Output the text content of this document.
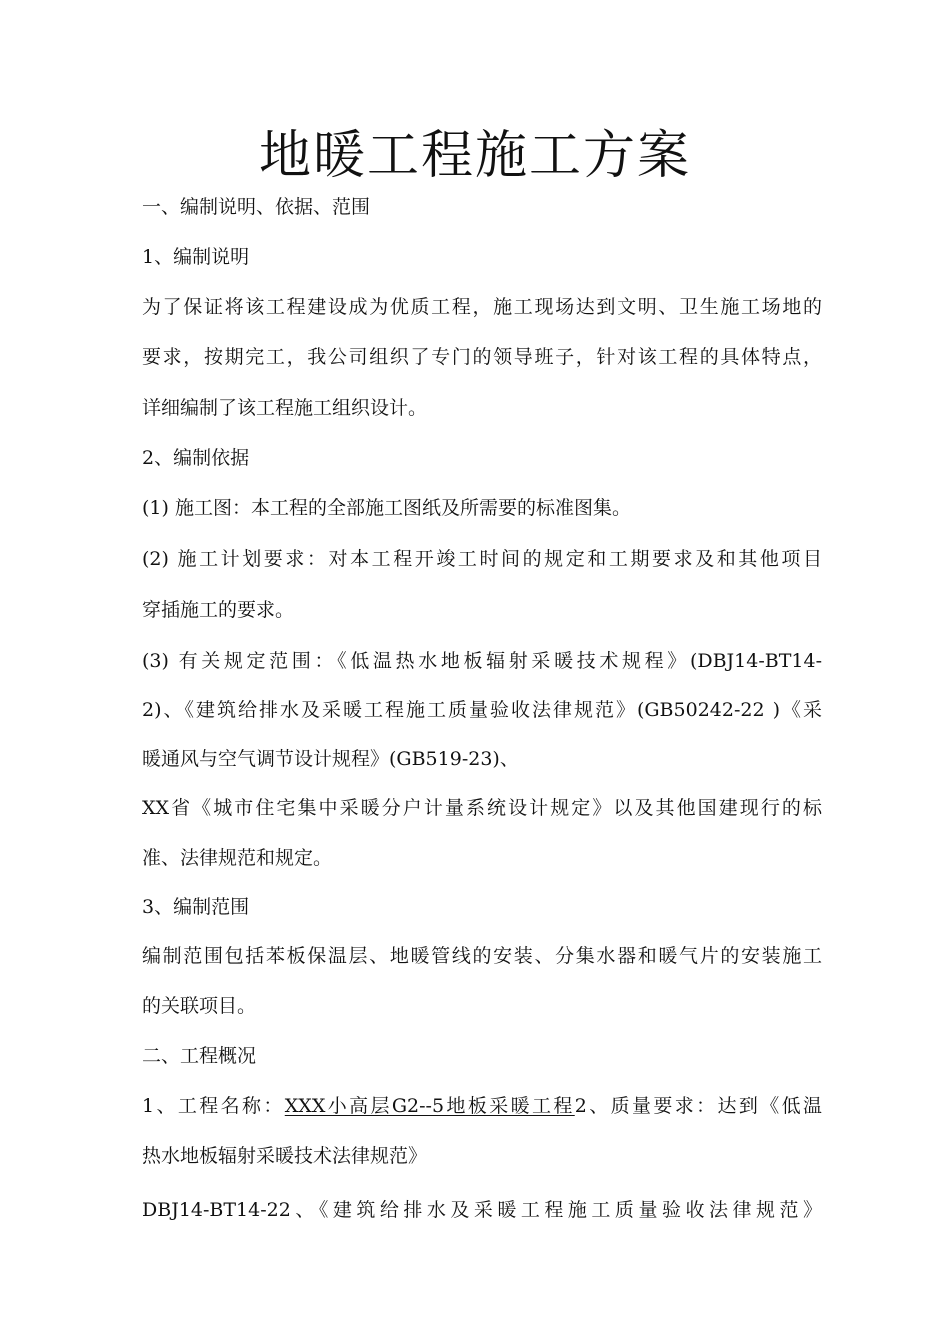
地暖工程施工方案
一、编制说明、依据、范围
1、编制说明
为了保证将该工程建设成为优质工程，施工现场达到文明、卫生施工场地的
要求，按期完工，我公司组织了专门的领导班子，针对该工程的具体特点，
详细编制了该工程施工组织设计。
2、编制依据
(1) 施工图：本工程的全部施工图纸及所需要的标准图集。
(2) 施工计划要求：对本工程开竣工时间的规定和工期要求及和其他项目
穿插施工的要求。
(3) 有关规定范围：《低温热水地板辐射采暖技术规程》(DBJ14-BT14-
2)、《建筑给排水及采暖工程施工质量验收法律规范》(GB50242-22 )《采
暖通风与空气调节设计规程》(GB519-23)、
XX省《城市住宅集中采暖分户计量系统设计规定》以及其他国建现行的标
准、法律规范和规定。
3、编制范围
编制范围包括苯板保温层、地暖管线的安装、分集水器和暖气片的安装施工
的关联项目。
二、工程概况
1、工程名称：XXX小高层G2--5地板采暖工程2、质量要求：达到《低温
热水地板辐射采暖技术法律规范》
DBJ14-BT14-22、《建筑给排水及采暖工程施工质量验收法律规范》
